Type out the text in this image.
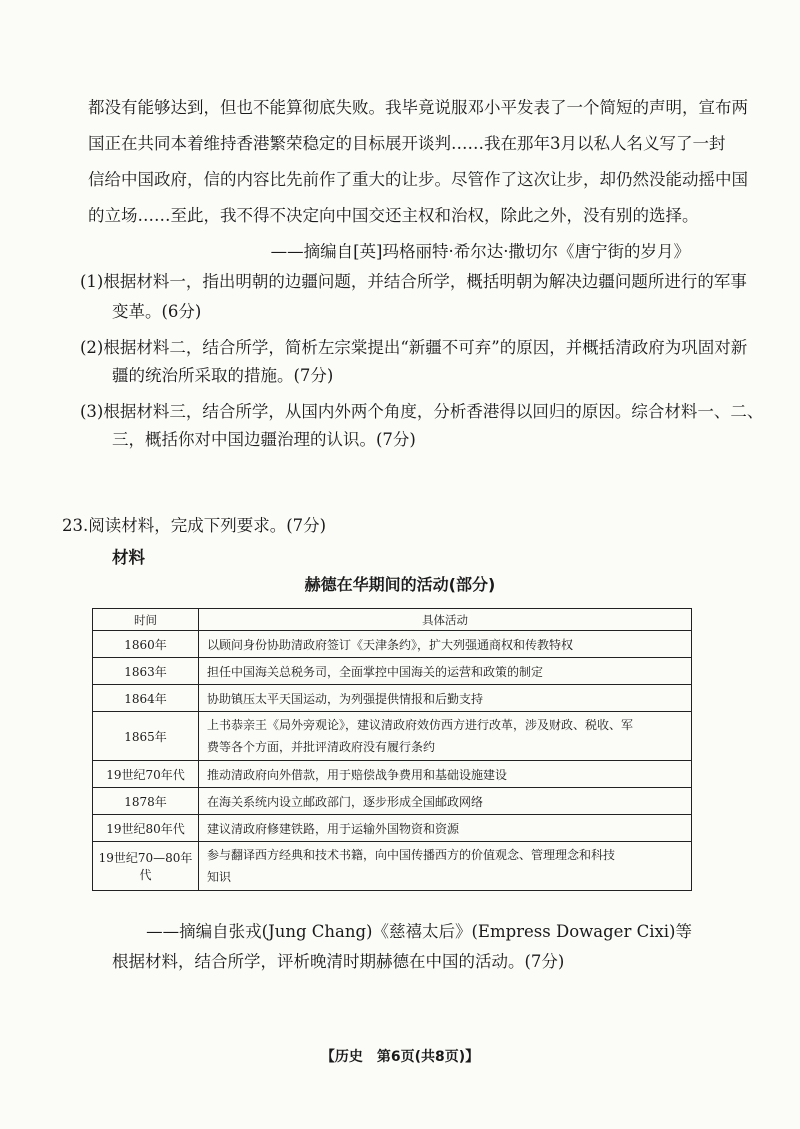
都没有能够达到，但也不能算彻底失败。我毕竟说服邓小平发表了一个简短的声明，宣布两
国正在共同本着维持香港繁荣稳定的目标展开谈判……我在那年3月以私人名义写了一封
信给中国政府，信的内容比先前作了重大的让步。尽管作了这次让步，却仍然没能动摇中国
的立场……至此，我不得不决定向中国交还主权和治权，除此之外，没有别的选择。
——摘编自[英]玛格丽特·希尔达·撒切尔《唐宁街的岁月》
(1)根据材料一，指出明朝的边疆问题，并结合所学，概括明朝为解决边疆问题所进行的军事
变革。(6分)
(2)根据材料二，结合所学，简析左宗棠提出“新疆不可弃”的原因，并概括清政府为巩固对新
疆的统治所采取的措施。(7分)
(3)根据材料三，结合所学，从国内外两个角度，分析香港得以回归的原因。综合材料一、二、
三，概括你对中国边疆治理的认识。(7分)
23.阅读材料，完成下列要求。(7分)
材料
赫德在华期间的活动(部分)
时间	具体活动
1860年	以顾问身份协助清政府签订《天津条约》，扩大列强通商权和传教特权
1863年	担任中国海关总税务司，全面掌控中国海关的运营和政策的制定
1864年	协助镇压太平天国运动，为列强提供情报和后勤支持
1865年	上书恭亲王《局外旁观论》，建议清政府效仿西方进行改革，涉及财政、税收、军
费等各个方面，并批评清政府没有履行条约

19世纪70年代	推动清政府向外借款，用于赔偿战争费用和基础设施建设
1878年	在海关系统内设立邮政部门，逐步形成全国邮政网络
19世纪80年代	建议清政府修建铁路，用于运输外国物资和资源
19世纪70—80年代	参与翻译西方经典和技术书籍，向中国传播西方的价值观念、管理理念和科技
知识
——摘编自张戎(Jung Chang)《慈禧太后》(Empress Dowager Cixi)等
根据材料，结合所学，评析晚清时期赫德在中国的活动。(7分)
【历史　第6页(共8页)】
